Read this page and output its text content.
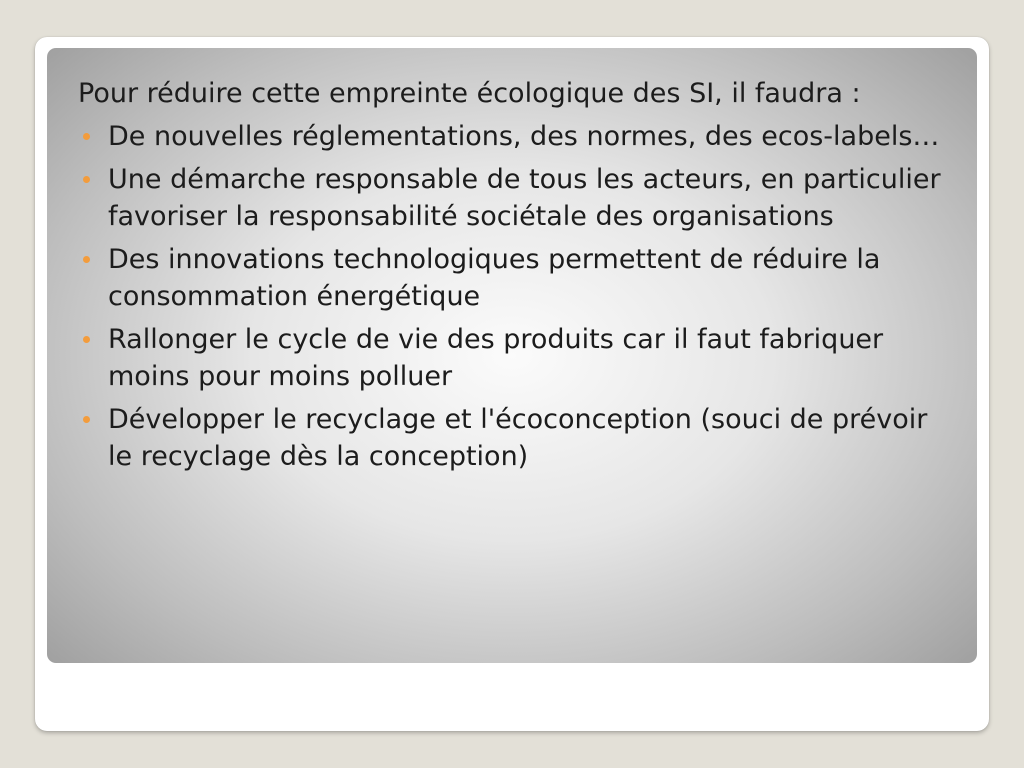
Pour réduire cette empreinte écologique des SI, il faudra :

De nouvelles réglementations, des normes, des ecos-labels…
Une démarche responsable de tous les acteurs, en particulier favoriser la responsabilité sociétale des organisations
Des innovations technologiques permettent de réduire la consommation énergétique
Rallonger le cycle de vie des produits car il faut fabriquer moins pour moins polluer
Développer le recyclage et l'écoconception (souci de prévoir le recyclage dès la conception)
